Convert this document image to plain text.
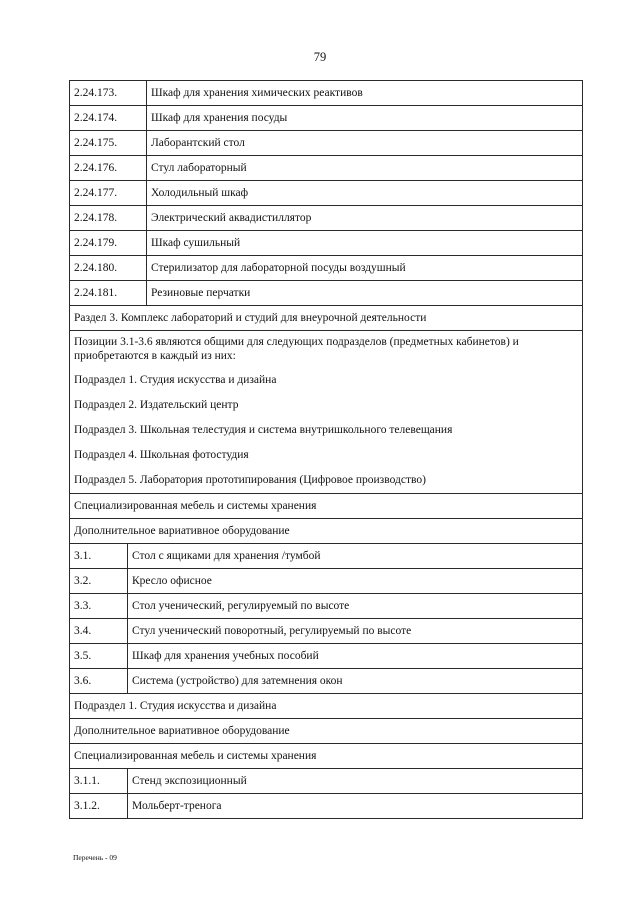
79
2.24.173.		Шкаф для хранения химических реактивов
2.24.174.		Шкаф для хранения посуды
2.24.175.		Лаборантский стол
2.24.176.		Стул лабораторный
2.24.177.		Холодильный шкаф
2.24.178.		Электрический аквадистиллятор
2.24.179.		Шкаф сушильный
2.24.180.		Стерилизатор для лабораторной посуды воздушный
2.24.181.		Резиновые перчатки
Раздел 3. Комплекс лабораторий и студий для внеурочной деятельности		

Позиции 3.1-3.6 являются общими для следующих подразделов (предметных кабинетов) и приобретаются в каждый из них:
Подраздел 1. Студия искусства и дизайна
Подраздел 2. Издательский центр
Подраздел 3. Школьная телестудия и система внутришкольного телевещания
Подраздел 4. Школьная фотостудия
Подраздел 5. Лаборатория прототипирования (Цифровое производство)

Специализированная мебель и системы хранения		
Дополнительное вариативное оборудование		
3.1.	Стол с ящиками для хранения /тумбой	
3.2.	Кресло офисное	
3.3.	Стол ученический, регулируемый по высоте	
3.4.	Стул ученический поворотный, регулируемый по высоте	
3.5.	Шкаф для хранения учебных пособий	
3.6.	Система (устройство) для затемнения окон	
Подраздел 1. Студия искусства и дизайна		
Дополнительное вариативное оборудование		
Специализированная мебель и системы хранения		
3.1.1.	Стенд экспозиционный	
3.1.2.	Мольберт-тренога	
Перечень - 09
